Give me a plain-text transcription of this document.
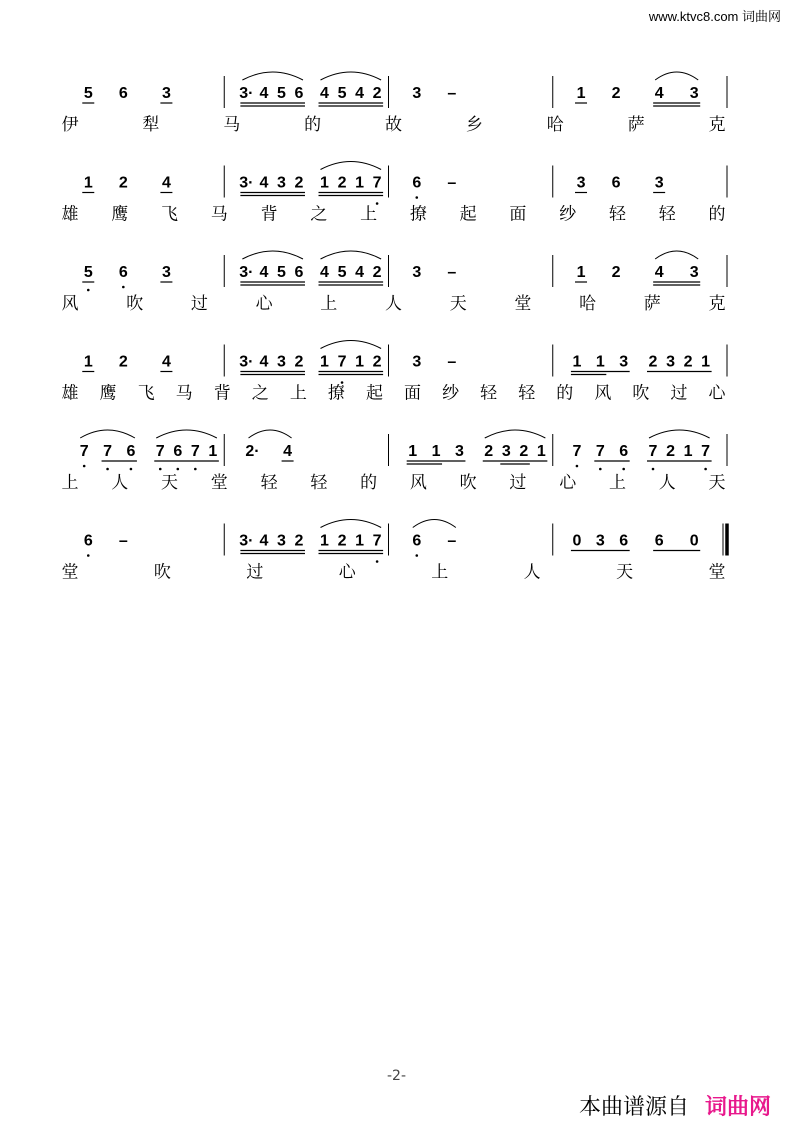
www.ktvc8.com 词曲网
5 6 3	3· 4 5 6 4 5 4 2 3 –	1 2 4 3
伊	犁	马	的	故	乡	哈	萨	克
1 2 4	3· 4 3 2 1 2 1 7 6 –	3 6 3
雄 鹰 飞 马 背 之 上 撩 起 面 纱 轻 轻 的
5 6 3	3· 4 5 6 4 5 4 2 3 –	1 2 4 3
风	吹	过	心	上	人	天	堂	哈	萨	克
1 2 4	3· 4 3 2 1 7 1 2 3 –	1 1 3 2 3 2 1
雄 鹰 飞 马 背 之 上 撩 起 面 纱 轻 轻 的 风 吹 过 心
7 7 6 7 6 7 1 2· 4	1 1 3 2 3 2 1 7 7 6 7 2 1 7
上 人 天 堂 轻 轻 的 风 吹 过 心 上 人 天
6 –	3· 4 3 2 1 2 1 7 6 –	0 3 6 6 0
堂	吹	过	心	上	人	天	堂
-2-
本曲谱源自 词曲网
